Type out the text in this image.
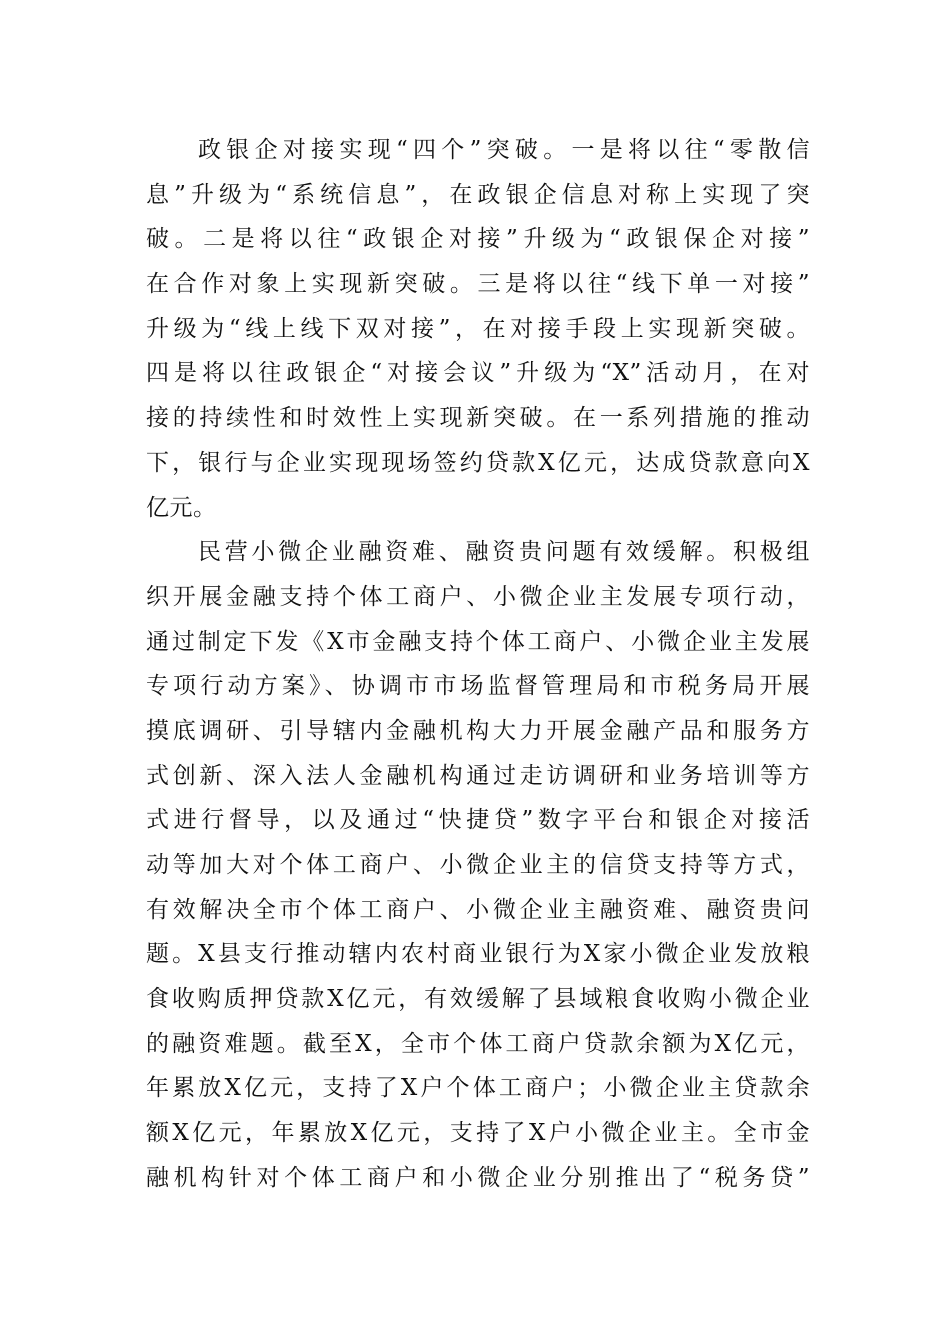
政银企对接实现“四个”突破。一是将以往“零散信
息”升级为“系统信息”，在政银企信息对称上实现了突
破。二是将以往“政银企对接”升级为“政银保企对接”
在合作对象上实现新突破。三是将以往“线下单一对接”
升级为“线上线下双对接”，在对接手段上实现新突破。
四是将以往政银企“对接会议”升级为“X”活动月，在对
接的持续性和时效性上实现新突破。在一系列措施的推动
下，银行与企业实现现场签约贷款X亿元，达成贷款意向X
亿元。
民营小微企业融资难、融资贵问题有效缓解。积极组
织开展金融支持个体工商户、小微企业主发展专项行动，
通过制定下发《X市金融支持个体工商户、小微企业主发展
专项行动方案》、协调市市场监督管理局和市税务局开展
摸底调研、引导辖内金融机构大力开展金融产品和服务方
式创新、深入法人金融机构通过走访调研和业务培训等方
式进行督导，以及通过“快捷贷”数字平台和银企对接活
动等加大对个体工商户、小微企业主的信贷支持等方式，
有效解决全市个体工商户、小微企业主融资难、融资贵问
题。X县支行推动辖内农村商业银行为X家小微企业发放粮
食收购质押贷款X亿元，有效缓解了县域粮食收购小微企业
的融资难题。截至X，全市个体工商户贷款余额为X亿元，
年累放X亿元，支持了X户个体工商户；小微企业主贷款余
额X亿元，年累放X亿元，支持了X户小微企业主。全市金
融机构针对个体工商户和小微企业分别推出了“税务贷”
